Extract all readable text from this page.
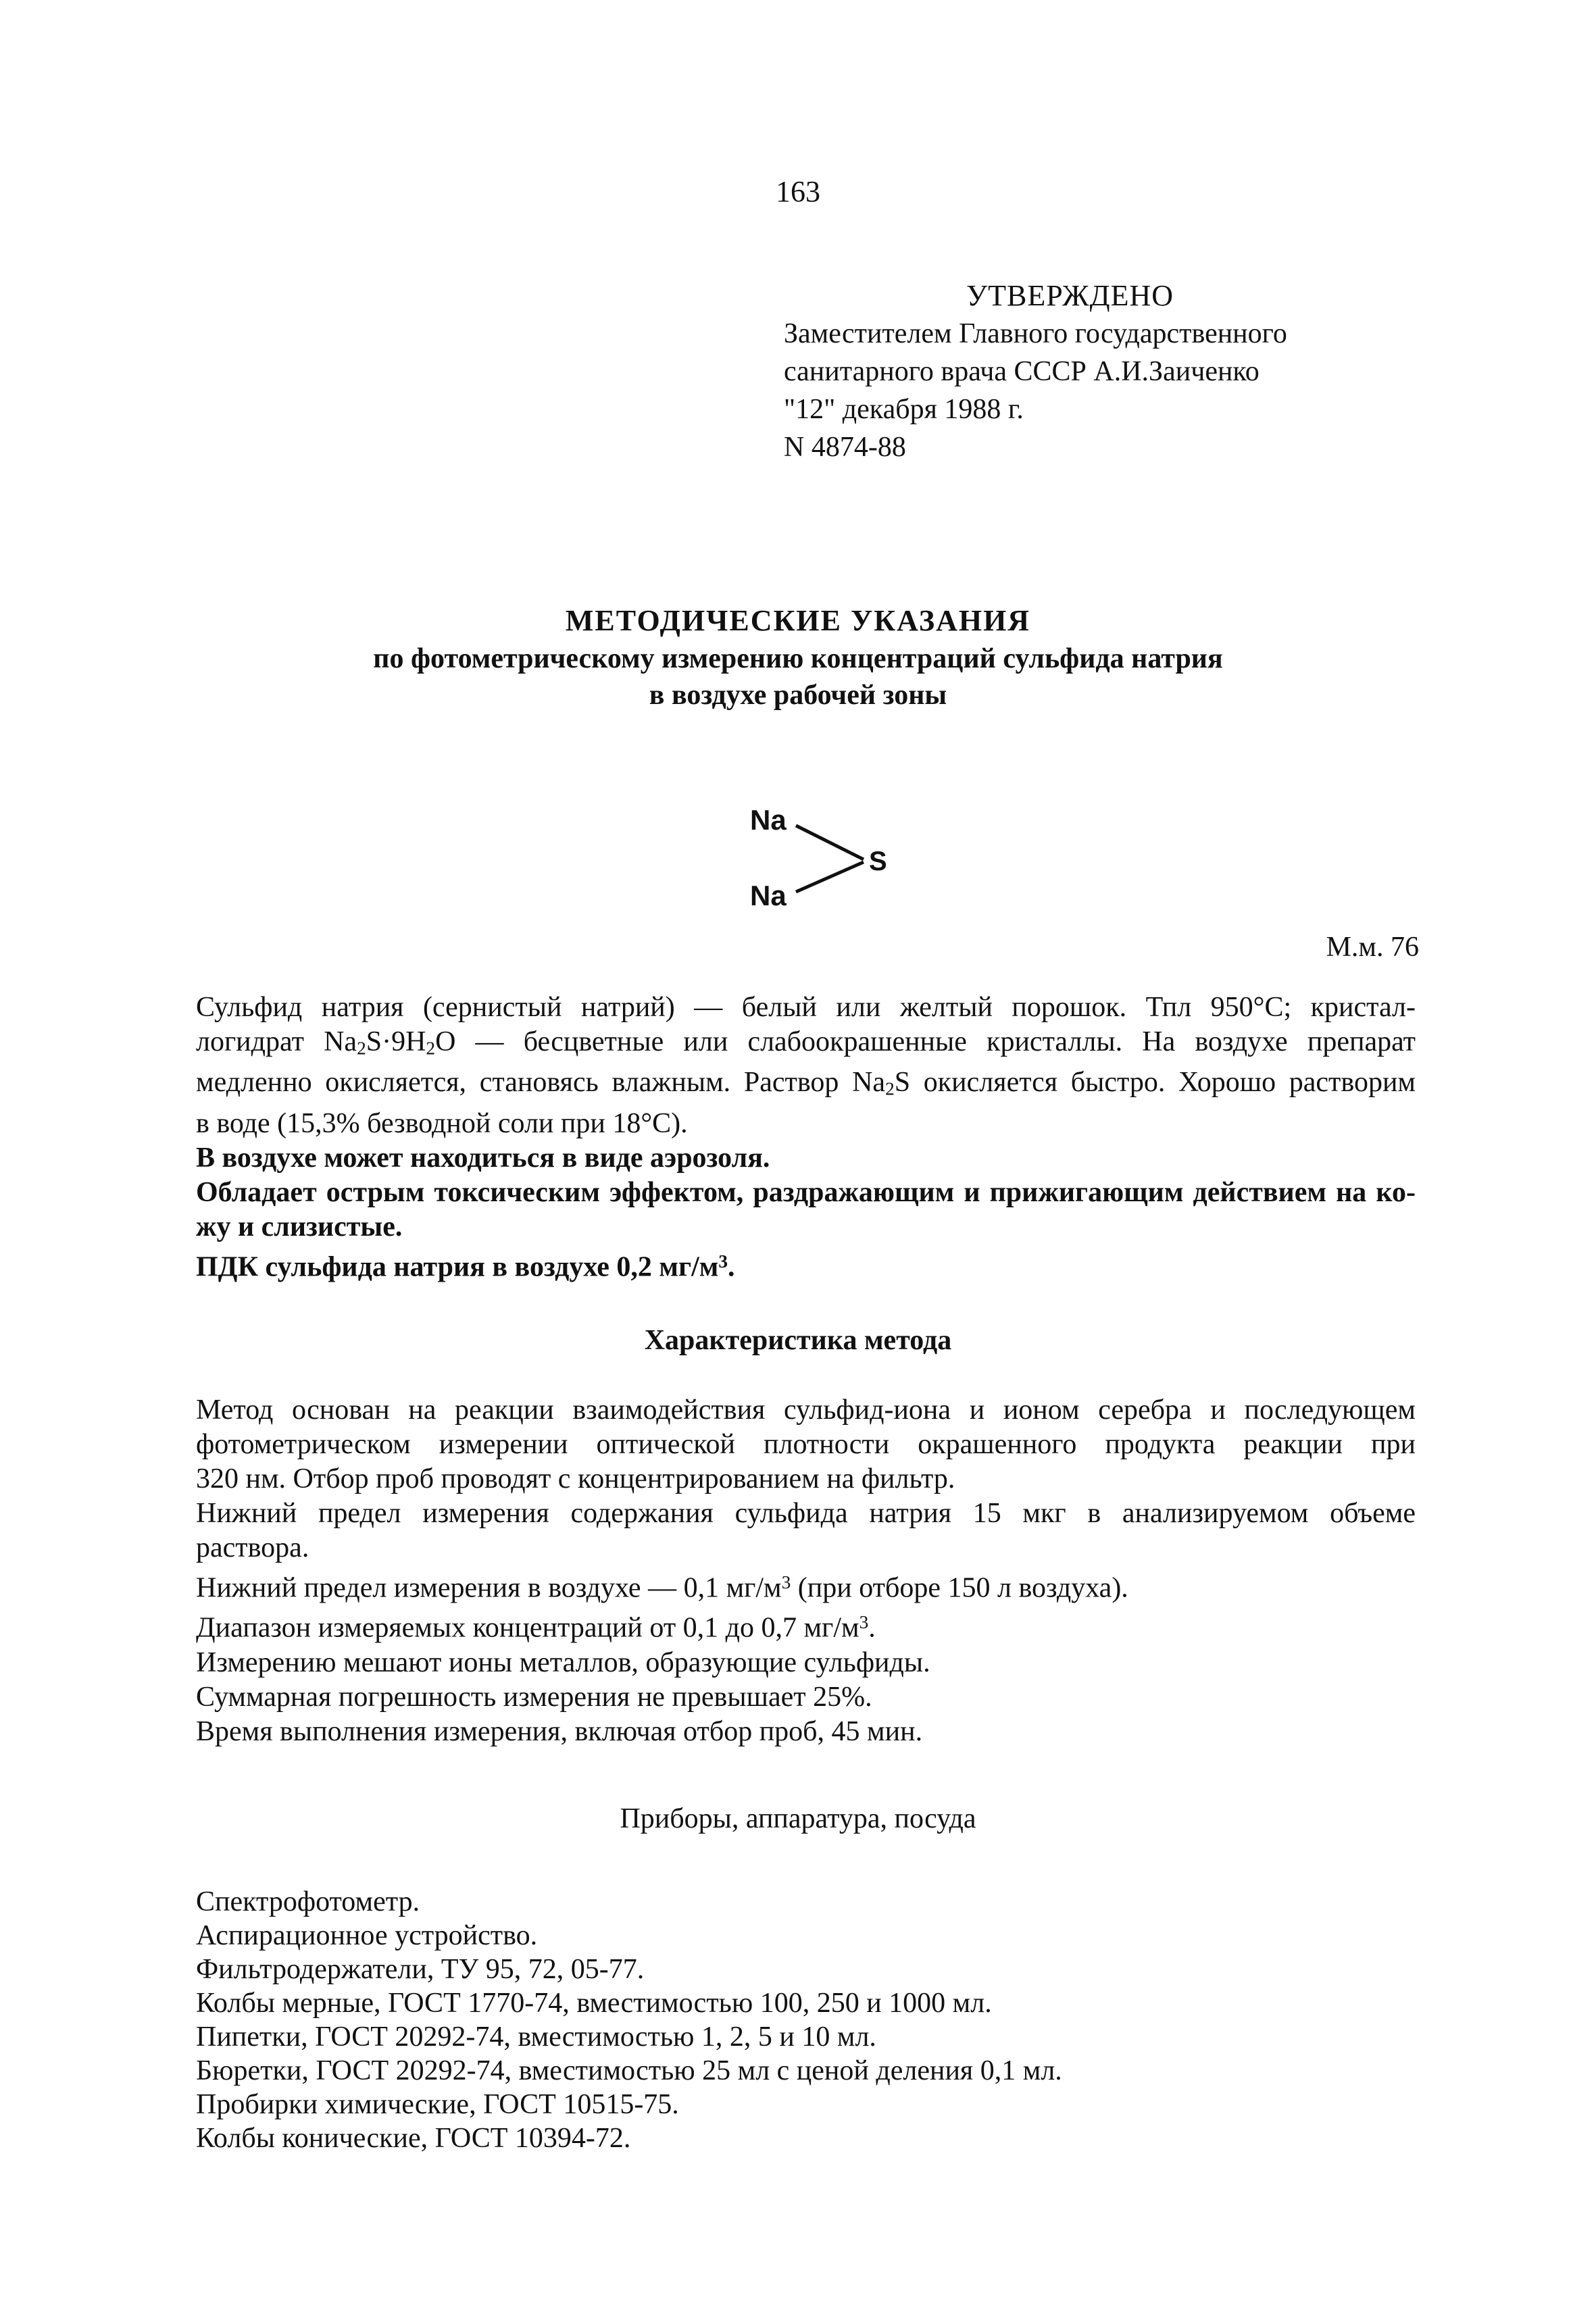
163
УТВЕРЖДЕНО
Заместителем Главного государственного
санитарного врача СССР А.И.Заиченко
"12" декабря 1988 г.
N 4874-88
МЕТОДИЧЕСКИЕ УКАЗАНИЯ
по фотометрическому измерению концентраций сульфида натрия
в воздухе рабочей зоны
Na
Na
S
М.м. 76
Сульфид натрия (сернистый натрий) — белый или желтый порошок. Тпл 950°С; кристал-
логидрат $Na_2S\cdot 9H_2O$ — бесцветные или слабоокрашенные кристаллы. На воздухе препарат
медленно окисляется, становясь влажным. Раствор $Na_2S$ окисляется быстро. Хорошо растворим
в воде (15,3% безводной соли при 18°С).
В воздухе может находиться в виде аэрозоля.
Обладает острым токсическим эффектом, раздражающим и прижигающим действием на ко-
жу и слизистые.
ПДК сульфида натрия в воздухе 0,2 $мг/м^3$.
Характеристика метода
Метод основан на реакции взаимодействия сульфид-иона и ионом серебра и последующем
фотометрическом измерении оптической плотности окрашенного продукта реакции при
320 нм. Отбор проб проводят с концентрированием на фильтр.
Нижний предел измерения содержания сульфида натрия 15 мкг в анализируемом объеме
раствора.
Нижний предел измерения в воздухе — 0,1 $мг/м^3$ (при отборе 150 л воздуха).
Диапазон измеряемых концентраций от 0,1 до 0,7 $мг/м^3$.
Измерению мешают ионы металлов, образующие сульфиды.
Суммарная погрешность измерения не превышает 25%.
Время выполнения измерения, включая отбор проб, 45 мин.
Приборы, аппаратура, посуда
Спектрофотометр.
Аспирационное устройство.
Фильтродержатели, ТУ 95, 72, 05-77.
Колбы мерные, ГОСТ 1770-74, вместимостью 100, 250 и 1000 мл.
Пипетки, ГОСТ 20292-74, вместимостью 1, 2, 5 и 10 мл.
Бюретки, ГОСТ 20292-74, вместимостью 25 мл с ценой деления 0,1 мл.
Пробирки химические, ГОСТ 10515-75.
Колбы конические, ГОСТ 10394-72.
